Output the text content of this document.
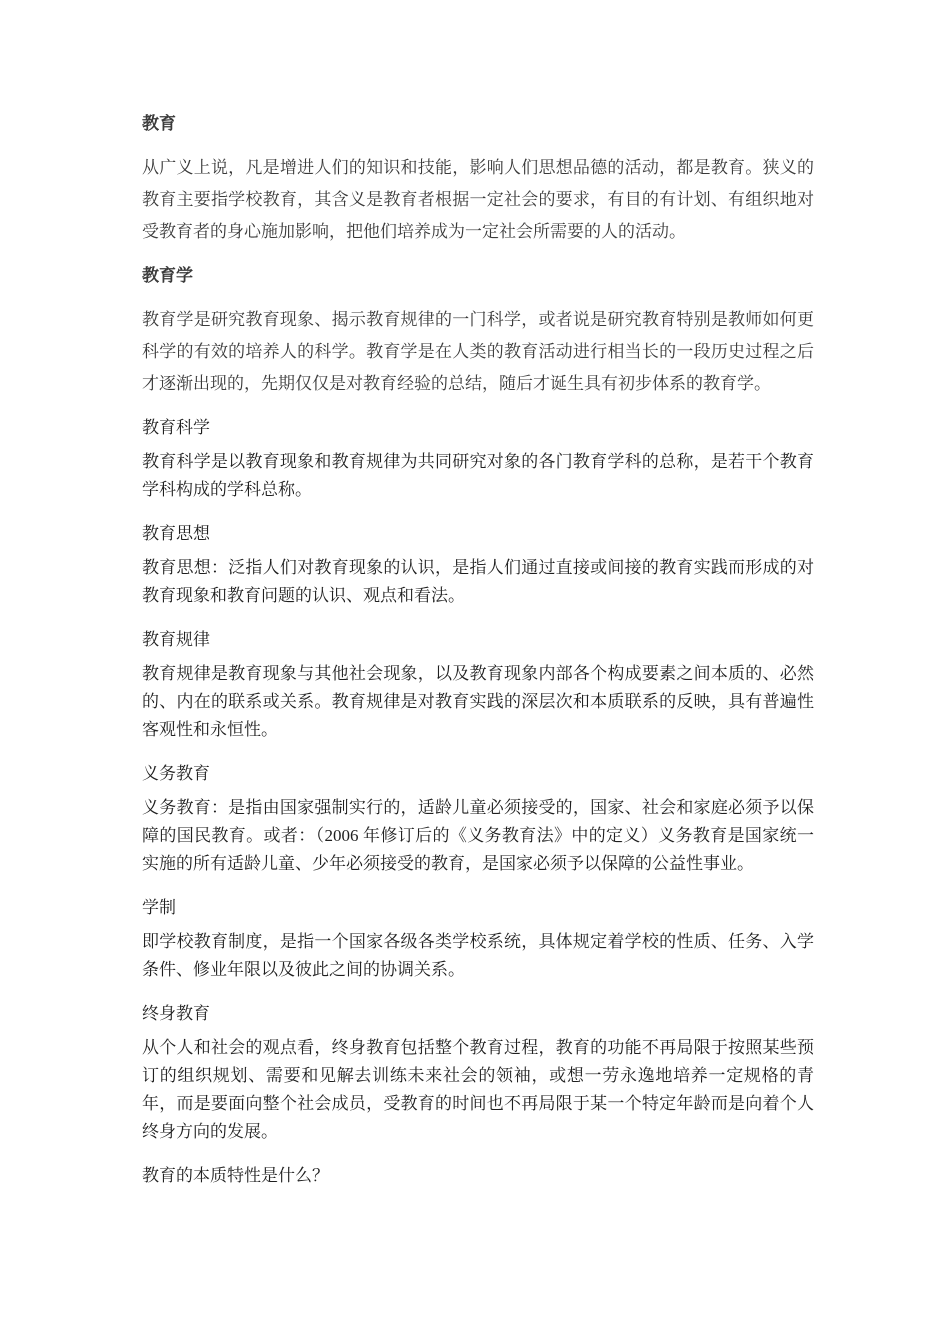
教育

从广义上说，凡是增进人们的知识和技能，影响人们思想品德的活动，都是教育。狭义的教育主要指学校教育，其含义是教育者根据一定社会的要求，有目的有计划、有组织地对受教育者的身心施加影响，把他们培养成为一定社会所需要的人的活动。

教育学

教育学是研究教育现象、揭示教育规律的一门科学，或者说是研究教育特别是教师如何更科学的有效的培养人的科学。教育学是在人类的教育活动进行相当长的一段历史过程之后才逐渐出现的，先期仅仅是对教育经验的总结，随后才诞生具有初步体系的教育学。

教育科学

教育科学是以教育现象和教育规律为共同研究对象的各门教育学科的总称，是若干个教育学科构成的学科总称。

教育思想

教育思想：泛指人们对教育现象的认识，是指人们通过直接或间接的教育实践而形成的对教育现象和教育问题的认识、观点和看法。

教育规律

教育规律是教育现象与其他社会现象，以及教育现象内部各个构成要素之间本质的、必然的、内在的联系或关系。教育规律是对教育实践的深层次和本质联系的反映，具有普遍性客观性和永恒性。

义务教育

义务教育：是指由国家强制实行的，适龄儿童必须接受的，国家、社会和家庭必须予以保障的国民教育。或者：（2006 年修订后的《义务教育法》中的定义）义务教育是国家统一实施的所有适龄儿童、少年必须接受的教育，是国家必须予以保障的公益性事业。

学制

即学校教育制度，是指一个国家各级各类学校系统，具体规定着学校的性质、任务、入学条件、修业年限以及彼此之间的协调关系。

终身教育

从个人和社会的观点看，终身教育包括整个教育过程，教育的功能不再局限于按照某些预订的组织规划、需要和见解去训练未来社会的领袖，或想一劳永逸地培养一定规格的青年，而是要面向整个社会成员，受教育的时间也不再局限于某一个特定年龄而是向着个人终身方向的发展。

教育的本质特性是什么？
